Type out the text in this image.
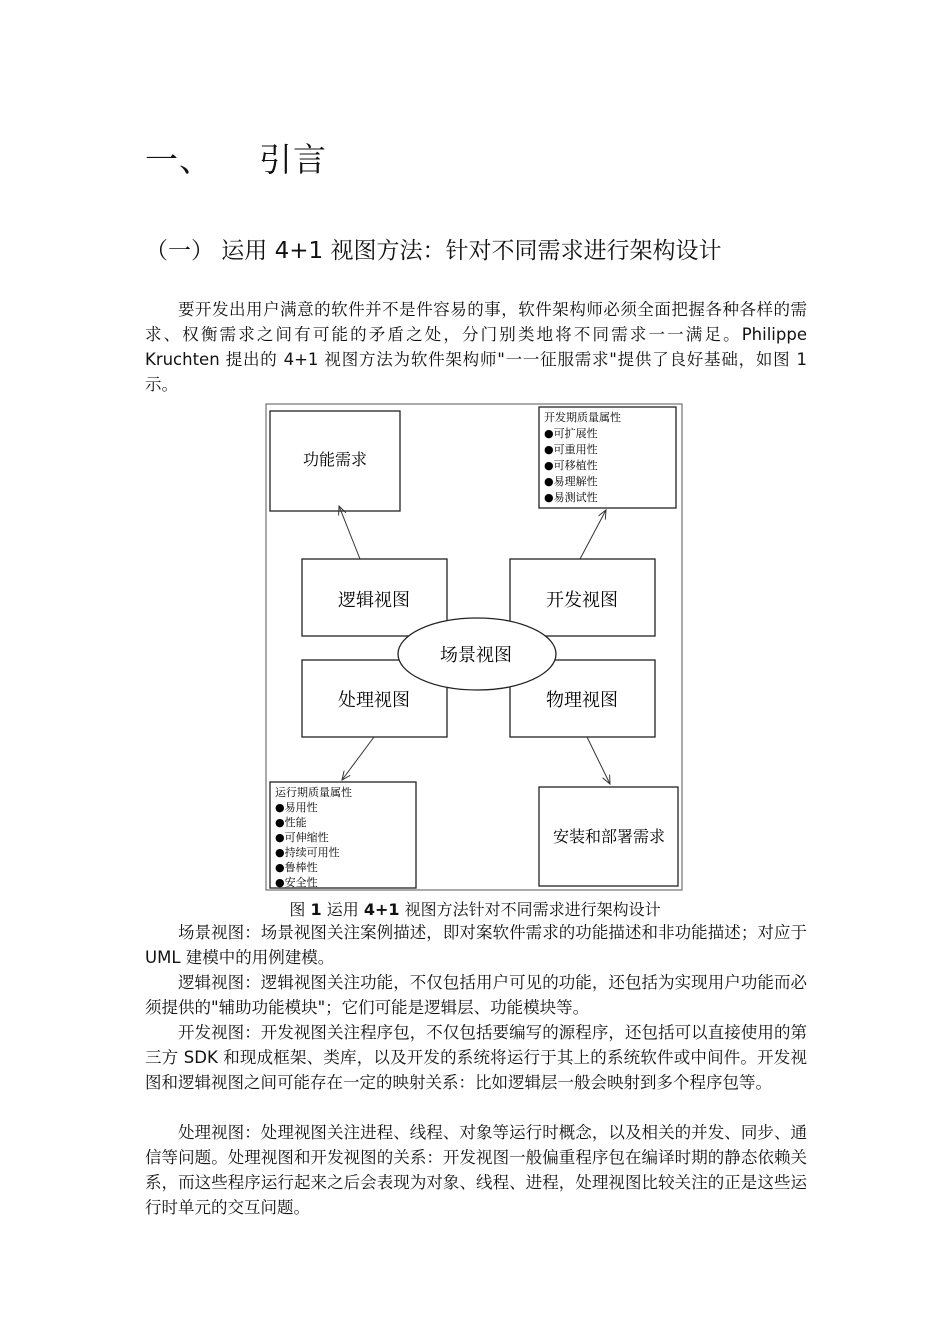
一、 引言
（一） 运用 4+1 视图方法：针对不同需求进行架构设计
要开发出用户满意的软件并不是件容易的事，软件架构师必须全面把握各种各样的需求、权衡需求之间有可能的矛盾之处，分门别类地将不同需求一一满足。Philippe Kruchten 提出的 4+1 视图方法为软件架构师"一一征服需求"提供了良好基础，如图 1 示。
功能需求
开发期质量属性
●可扩展性
●可重用性
●可移植性
●易理解性
●易测试性
逻辑视图	开发视图
处理视图	物理视图
场景视图
运行期质量属性
●易用性
●性能
●可伸缩性
●持续可用性
●鲁棒性
●安全性
安装和部署需求
图 1 运用 4+1 视图方法针对不同需求进行架构设计
场景视图：场景视图关注案例描述，即对案软件需求的功能描述和非功能描述；对应于 UML 建模中的用例建模。
逻辑视图：逻辑视图关注功能，不仅包括用户可见的功能，还包括为实现用户功能而必须提供的"辅助功能模块"；它们可能是逻辑层、功能模块等。
开发视图：开发视图关注程序包，不仅包括要编写的源程序，还包括可以直接使用的第三方 SDK 和现成框架、类库，以及开发的系统将运行于其上的系统软件或中间件。开发视图和逻辑视图之间可能存在一定的映射关系：比如逻辑层一般会映射到多个程序包等。
处理视图：处理视图关注进程、线程、对象等运行时概念，以及相关的并发、同步、通信等问题。处理视图和开发视图的关系：开发视图一般偏重程序包在编译时期的静态依赖关系，而这些程序运行起来之后会表现为对象、线程、进程，处理视图比较关注的正是这些运行时单元的交互问题。
